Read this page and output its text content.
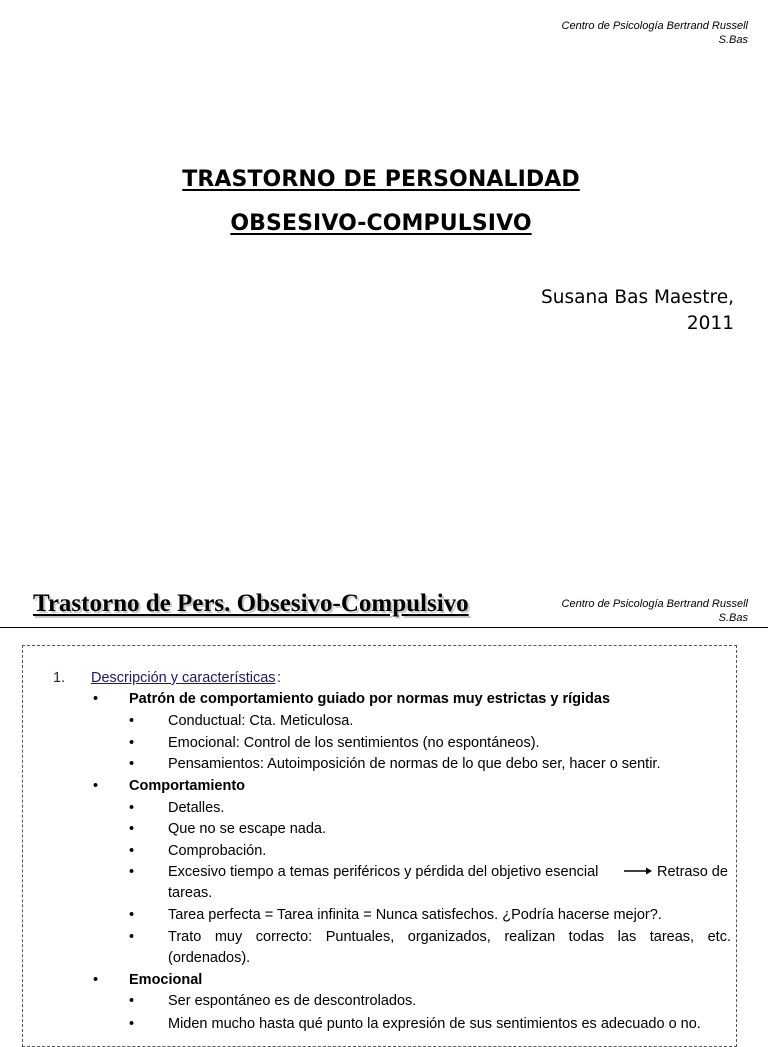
Centro de Psicología Bertrand Russell
S.Bas
TRASTORNO DE PERSONALIDAD
OBSESIVO-COMPULSIVO
Susana Bas Maestre,
2011
Trastorno de Pers. Obsesivo-Compulsivo	Centro de Psicología Bertrand Russell
S.Bas
1. Descripción y características :
•	Patrón de comportamiento guiado por normas muy estrictas y rígidas
•	Conductual: Cta. Meticulosa.
•	Emocional: Control de los sentimientos (no espontáneos).
•	Pensamientos: Autoimposición de normas de lo que debo ser, hacer o sentir.
•	Comportamiento
•	Detalles.
•	Que no se escape nada.
•	Comprobación.
•	Excesivo tiempo a temas periféricos y pérdida del objetivo esencial	Retraso de
tareas.
•	Tarea perfecta = Tarea infinita = Nunca satisfechos. ¿Podría hacerse mejor?.
•	Trato muy correcto: Puntuales, organizados, realizan todas las tareas, etc.
(ordenados).
•	Emocional
•	Ser espontáneo es de descontrolados.
•	Miden mucho hasta qué punto la expresión de sus sentimientos es adecuado o no.
